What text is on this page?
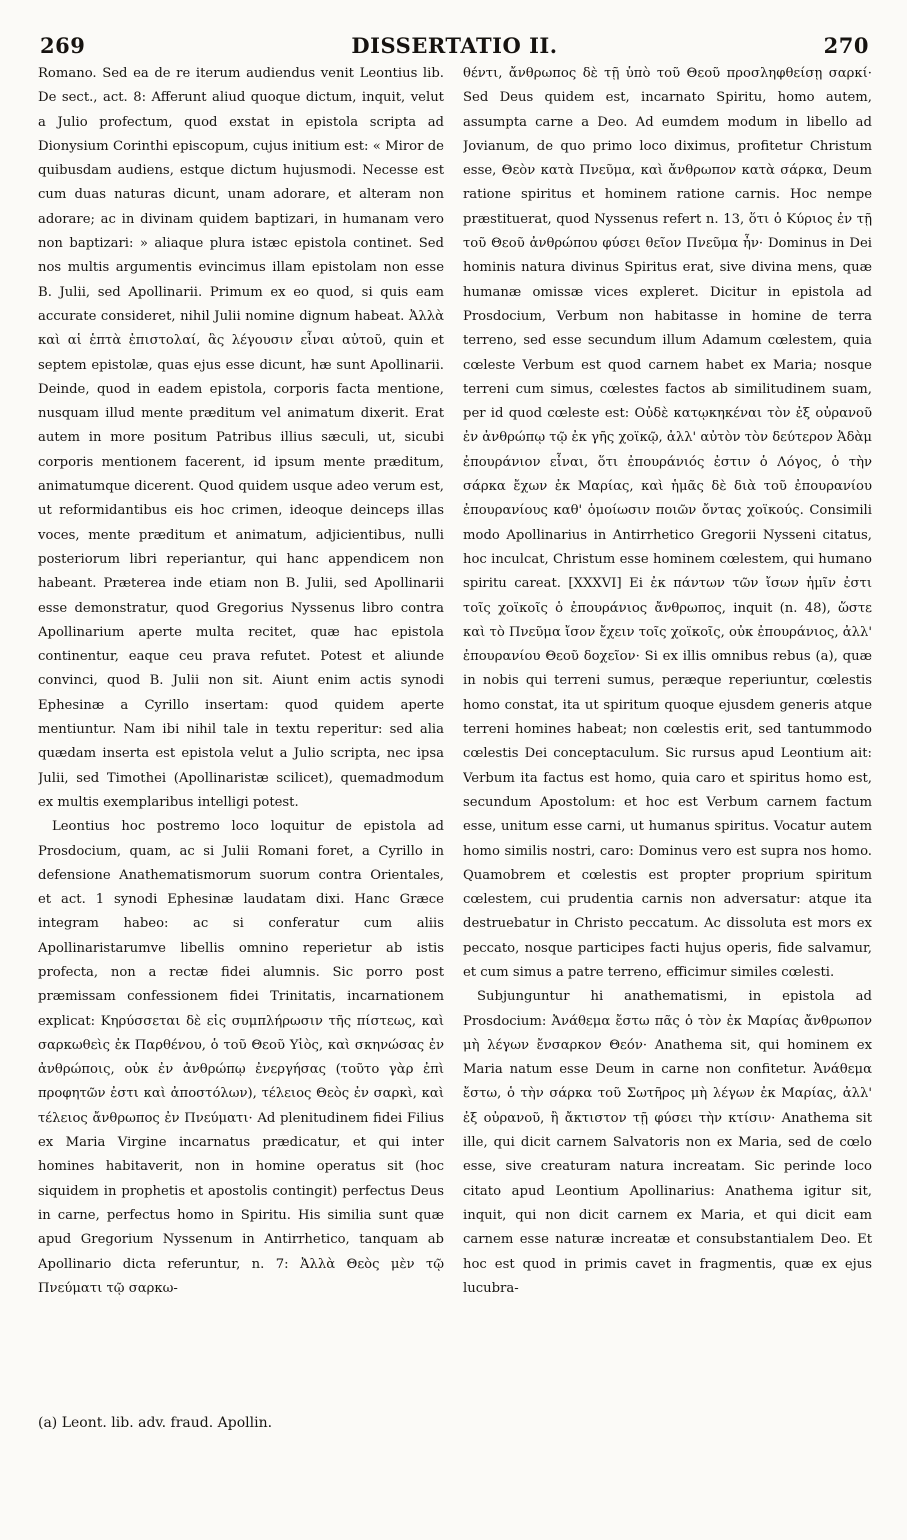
DISSERTATIO II.
269	270

Romano. Sed ea de re iterum audiendus venit Leontius lib. De sect., act. 8: Afferunt aliud quoque dictum, inquit, velut a Julio profectum, quod exstat in epistola scripta ad Dionysium Corinthi episcopum, cujus initium est: « Miror de quibusdam audiens, estque dictum hujusmodi. Necesse est cum duas naturas dicunt, unam adorare, et alteram non adorare; ac in divinam quidem baptizari, in humanam vero non baptizari: » aliaque plura istæc epistola continet. Sed nos multis argumentis evincimus illam epistolam non esse B. Julii, sed Apollinarii. Primum ex eo quod, si quis eam accurate consideret, nihil Julii nomine dignum habeat. Ἀλλὰ καὶ αἱ ἑπτὰ ἐπιστολαί, ἃς λέγουσιν εἶναι αὐτοῦ, quin et septem epistolæ, quas ejus esse dicunt, hæ sunt Apollinarii. Deinde, quod in eadem epistola, corporis facta mentione, nusquam illud mente præditum vel animatum dixerit. Erat autem in more positum Patribus illius sæculi, ut, sicubi corporis mentionem facerent, id ipsum mente præditum, animatumque dicerent. Quod quidem usque adeo verum est, ut reformidantibus eis hoc crimen, ideoque deinceps illas voces, mente præditum et animatum, adjicientibus, nulli posteriorum libri reperiantur, qui hanc appendicem non habeant. Præterea inde etiam non B. Julii, sed Apollinarii esse demonstratur, quod Gregorius Nyssenus libro contra Apollinarium aperte multa recitet, quæ hac epistola continentur, eaque ceu prava refutet. Potest et aliunde convinci, quod B. Julii non sit. Aiunt enim actis synodi Ephesinæ a Cyrillo insertam: quod quidem aperte mentiuntur. Nam ibi nihil tale in textu reperitur: sed alia quædam inserta est epistola velut a Julio scripta, nec ipsa Julii, sed Timothei (Apollinaristæ scilicet), quemadmodum ex multis exemplaribus intelligi potest.

Leontius hoc postremo loco loquitur de epistola ad Prosdocium, quam, ac si Julii Romani foret, a Cyrillo in defensione Anathematismorum suorum contra Orientales, et act. 1 synodi Ephesinæ laudatam dixi. Hanc Græce integram habeo: ac si conferatur cum aliis Apollinaristarumve libellis omnino reperietur ab istis profecta, non a rectæ fidei alumnis. Sic porro post præmissam confessionem fidei Trinitatis, incarnationem explicat: Κηρύσσεται δὲ εἰς συμπλήρωσιν τῆς πίστεως, καὶ σαρκωθεὶς ἐκ Παρθένου, ὁ τοῦ Θεοῦ Υἱὸς, καὶ σκηνώσας ἐν ἀνθρώποις, οὐκ ἐν ἀνθρώπῳ ἐνεργήσας (τοῦτο γὰρ ἐπὶ προφητῶν ἐστι καὶ ἀποστόλων), τέλειος Θεὸς ἐν σαρκὶ, καὶ τέλειος ἄνθρωπος ἐν Πνεύματι· Ad plenitudinem fidei Filius ex Maria Virgine incarnatus prædicatur, et qui inter homines habitaverit, non in homine operatus sit (hoc siquidem in prophetis et apostolis contingit) perfectus Deus in carne, perfectus homo in Spiritu. His similia sunt quæ apud Gregorium Nyssenum in Antirrhetico, tanquam ab Apollinario dicta referuntur, n. 7: Ἀλλὰ Θεὸς μὲν τῷ Πνεύματι τῷ σαρκω-

θέντι, ἄνθρωπος δὲ τῇ ὑπὸ τοῦ Θεοῦ προσληφθείσῃ σαρκί· Sed Deus quidem est, incarnato Spiritu, homo autem, assumpta carne a Deo. Ad eumdem modum in libello ad Jovianum, de quo primo loco diximus, profitetur Christum esse, Θεὸν κατὰ Πνεῦμα, καὶ ἄνθρωπον κατὰ σάρκα, Deum ratione spiritus et hominem ratione carnis. Hoc nempe præstituerat, quod Nyssenus refert n. 13, ὅτι ὁ Κύριος ἐν τῇ τοῦ Θεοῦ ἀνθρώπου φύσει θεῖον Πνεῦμα ἦν· Dominus in Dei hominis natura divinus Spiritus erat, sive divina mens, quæ humanæ omissæ vices expleret. Dicitur in epistola ad Prosdocium, Verbum non habitasse in homine de terra terreno, sed esse secundum illum Adamum cœlestem, quia cœleste Verbum est quod carnem habet ex Maria; nosque terreni cum simus, cœlestes factos ab similitudinem suam, per id quod cœleste est: Οὐδὲ κατῳκηκέναι τὸν ἐξ οὐρανοῦ ἐν ἀνθρώπῳ τῷ ἐκ γῆς χοϊκῷ, ἀλλ' αὐτὸν τὸν δεύτερον Ἀδὰμ ἐπουράνιον εἶναι, ὅτι ἐπουράνιός ἐστιν ὁ Λόγος, ὁ τὴν σάρκα ἔχων ἐκ Μαρίας, καὶ ἡμᾶς δὲ διὰ τοῦ ἐπουρανίου ἐπουρανίους καθ' ὁμοίωσιν ποιῶν ὄντας χοϊκούς. Consimili modo Apollinarius in Antirrhetico Gregorii Nysseni citatus, hoc inculcat, Christum esse hominem cœlestem, qui humano spiritu careat. [XXXVI] Ei ἐκ πάντων τῶν ἴσων ἡμῖν ἐστι τοῖς χοϊκοῖς ὁ ἐπουράνιος ἄνθρωπος, inquit (n. 48), ὥστε καὶ τὸ Πνεῦμα ἴσον ἔχειν τοῖς χοϊκοῖς, οὐκ ἐπουράνιος, ἀλλ' ἐπουρανίου Θεοῦ δοχεῖον· Si ex illis omnibus rebus (a), quæ in nobis qui terreni sumus, peræque reperiuntur, cœlestis homo constat, ita ut spiritum quoque ejusdem generis atque terreni homines habeat; non cœlestis erit, sed tantummodo cœlestis Dei conceptaculum. Sic rursus apud Leontium ait: Verbum ita factus est homo, quia caro et spiritus homo est, secundum Apostolum: et hoc est Verbum carnem factum esse, unitum esse carni, ut humanus spiritus. Vocatur autem homo similis nostri, caro: Dominus vero est supra nos homo. Quamobrem et cœlestis est propter proprium spiritum cœlestem, cui prudentia carnis non adversatur: atque ita destruebatur in Christo peccatum. Ac dissoluta est mors ex peccato, nosque participes facti hujus operis, fide salvamur, et cum simus a patre terreno, efficimur similes cœlesti.

Subjunguntur hi anathematismi, in epistola ad Prosdocium: Ἀνάθεμα ἔστω πᾶς ὁ τὸν ἐκ Μαρίας ἄνθρωπον μὴ λέγων ἔνσαρκον Θεόν· Anathema sit, qui hominem ex Maria natum esse Deum in carne non confitetur. Ἀνάθεμα ἔστω, ὁ τὴν σάρκα τοῦ Σωτῆρος μὴ λέγων ἐκ Μαρίας, ἀλλ' ἐξ οὐρανοῦ, ἢ ἄκτιστον τῇ φύσει τὴν κτίσιν· Anathema sit ille, qui dicit carnem Salvatoris non ex Maria, sed de cœlo esse, sive creaturam natura increatam. Sic perinde loco citato apud Leontium Apollinarius: Anathema igitur sit, inquit, qui non dicit carnem ex Maria, et qui dicit eam carnem esse naturæ increatæ et consubstantialem Deo. Et hoc est quod in primis cavet in fragmentis, quæ ex ejus lucubra-

(a) Leont. lib. adv. fraud. Apollin.
